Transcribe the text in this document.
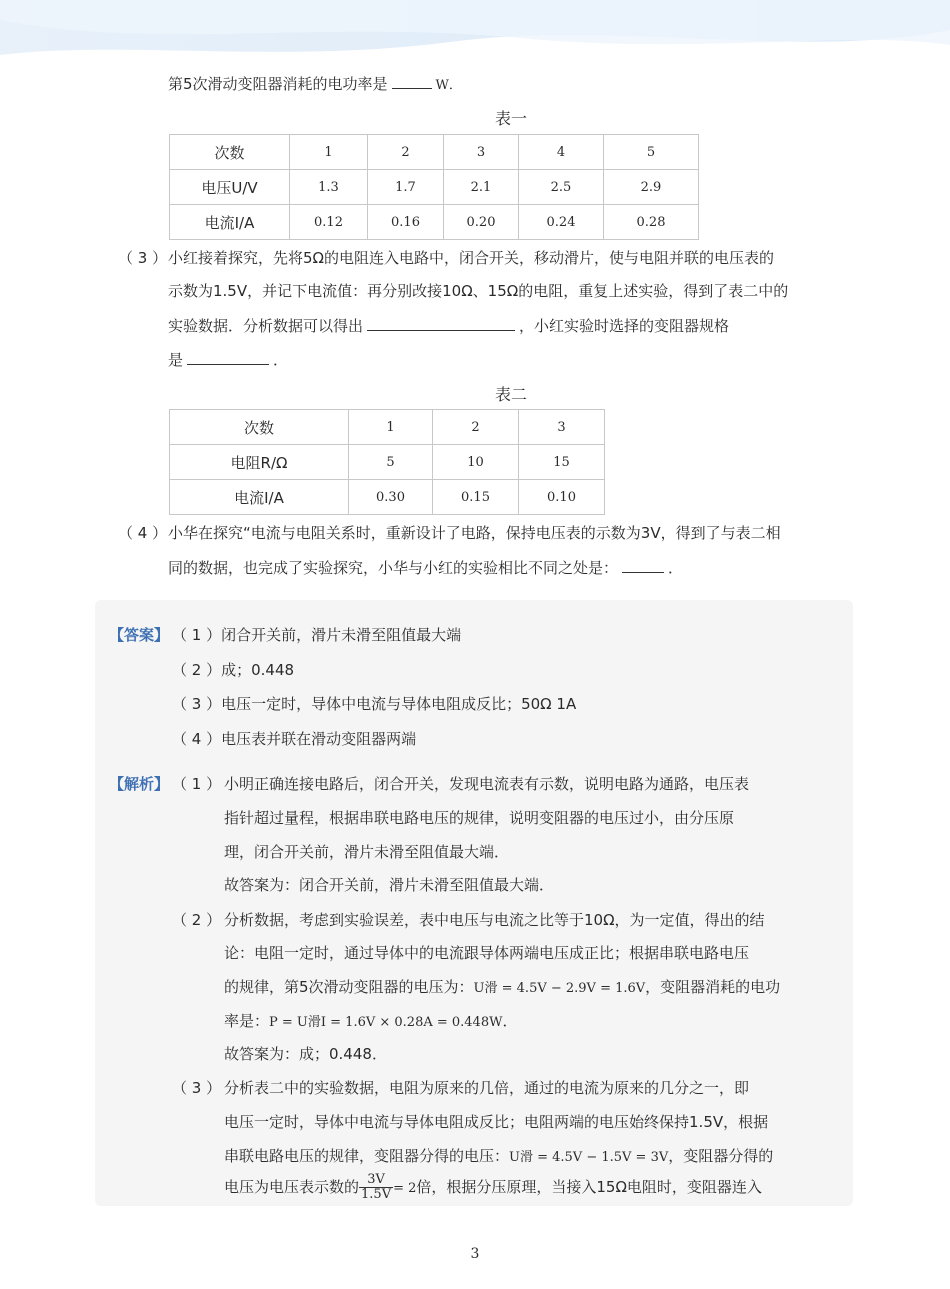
第5次滑动变阻器消耗的电功率是	W．
表一
次数	1	2	3	4	5
电压U/V	1.3	1.7	2.1	2.5	2.9
电流I/A	0.12	0.16	0.20	0.24	0.28
（ 3 ） 小红接着探究，先将5Ω的电阻连入电路中，闭合开关，移动滑片，使与电阻并联的电压表的
示数为1.5V，并记下电流值：再分别改接10Ω、15Ω的电阻，重复上述实验，得到了表二中的
实验数据．分析数据可以得出	，小红实验时选择的变阻器规格
是	．
表二
次数	1	2	3
电阻R/Ω	5	10	15
电流I/A	0.30	0.15	0.10
（ 4 ） 小华在探究“电流与电阻关系时，重新设计了电路，保持电压表的示数为3V，得到了与表二相
同的数据，也完成了实验探究，小华与小红的实验相比不同之处是：	．
【答案】 （ 1 ）闭合开关前，滑片未滑至阻值最大端
（ 2 ）成；0.448
（ 3 ）电压一定时，导体中电流与导体电阻成反比；50Ω 1A
（ 4 ）电压表并联在滑动变阻器两端
【解析】 （ 1 ） 小明正确连接电路后，闭合开关，发现电流表有示数，说明电路为通路，电压表
指针超过量程，根据串联电路电压的规律，说明变阻器的电压过小，由分压原
理，闭合开关前，滑片未滑至阻值最大端．
故答案为：闭合开关前，滑片未滑至阻值最大端．
（ 2 ） 分析数据，考虑到实验误差，表中电压与电流之比等于10Ω，为一定值，得出的结
论：电阻一定时，通过导体中的电流跟导体两端电压成正比；根据串联电路电压
的规律，第5次滑动变阻器的电压为：U滑 = 4.5V − 2.9V = 1.6V，变阻器消耗的电功
率是：P = U滑I = 1.6V × 0.28A = 0.448W．
故答案为：成；0.448．
（ 3 ） 分析表二中的实验数据，电阻为原来的几倍，通过的电流为原来的几分之一，即
电压一定时，导体中电流与导体电阻成反比；电阻两端的电压始终保持1.5V，根据
串联电路电压的规律，变阻器分得的电压：U滑 = 4.5V − 1.5V = 3V，变阻器分得的
电压为电压表示数的 $\frac{3V}{1.5V} = 2$倍，根据分压原理，当接入15Ω电阻时，变阻器连入
3
